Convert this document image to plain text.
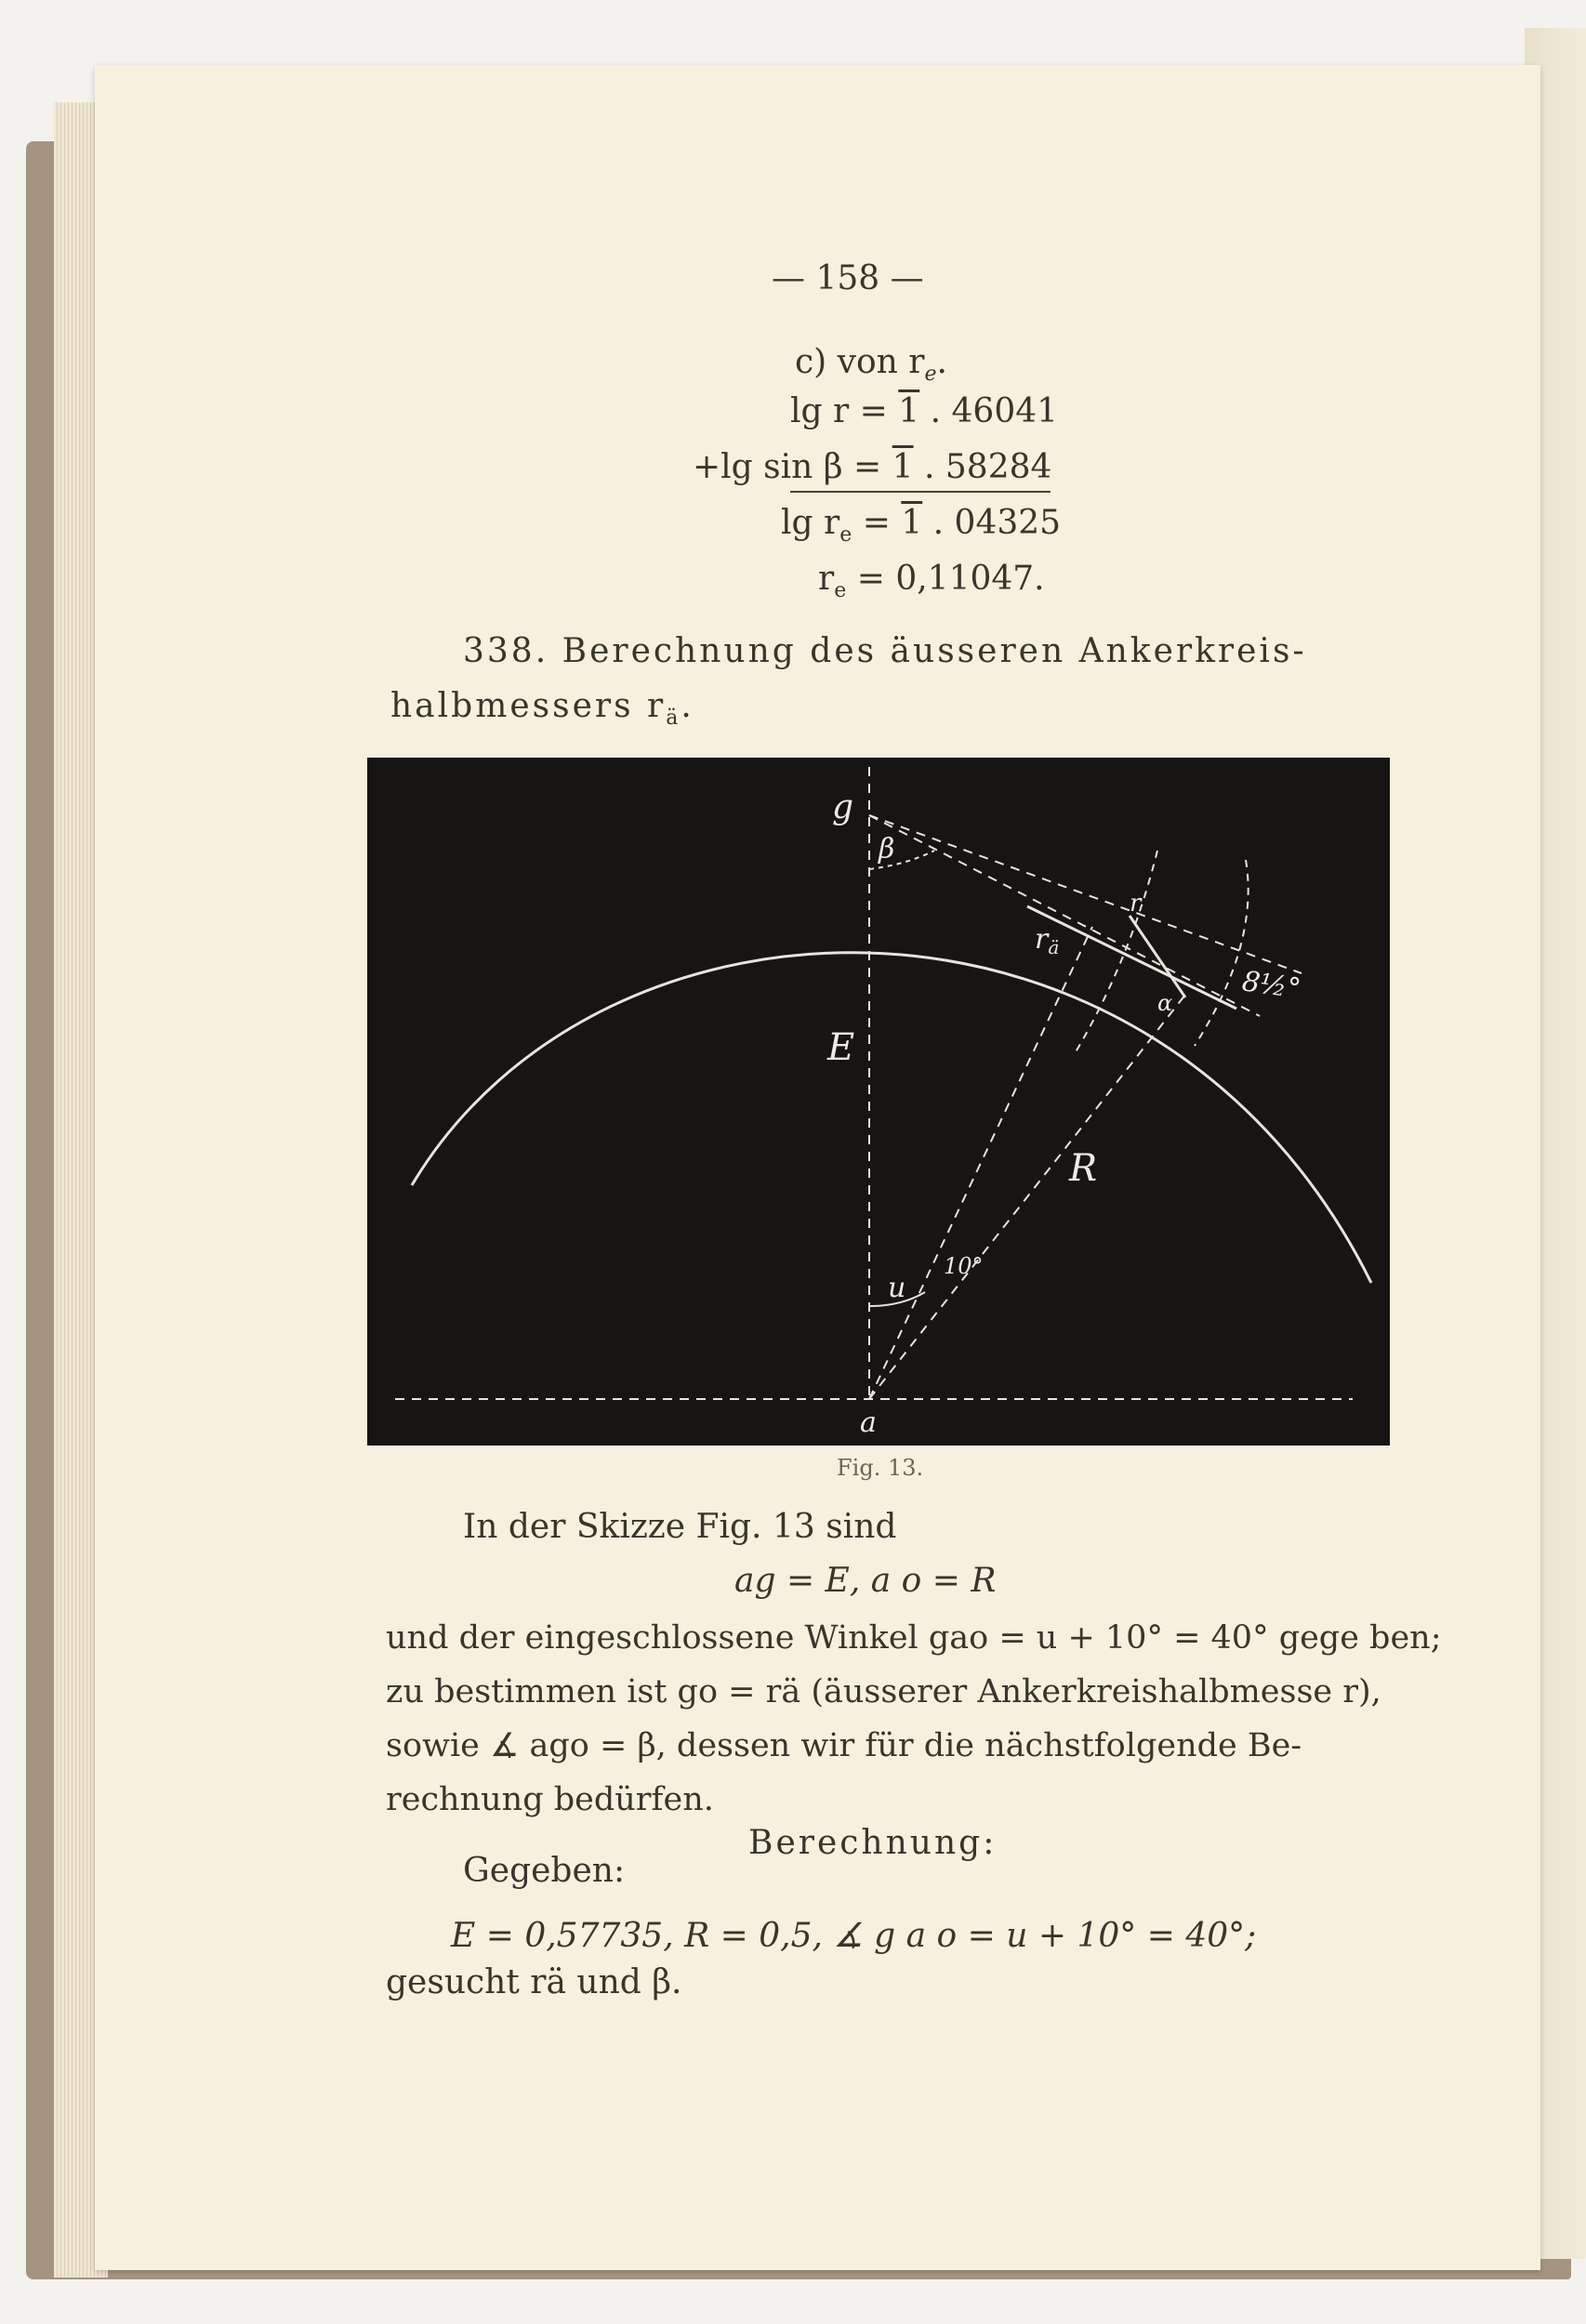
— 158 —
c) von $r_e$.
lg r = 1 . 46041
+lg sin β = 1 . 58284
$\lg r_e = 1$ . 04325
$r_e = 0,11047$.
338. Berechnung des äusseren Ankerkreis-
halbmessers $r_ä$.
g
β
$r_ä$
r
α 8½°
E
R
10°
u
a
Fig. 13.
In der Skizze Fig. 13 sind
ag = E, a o = R
und der eingeschlossene Winkel gao = u + 10° = 40° gege ben;
zu bestimmen ist go = rä (äusserer Ankerkreishalbmesse r),
sowie ∡ ago = β, dessen wir für die nächstfolgende Be-
rechnung bedürfen.
Berechnung:
Gegeben:
E = 0,57735, R = 0,5, ∡ g a o = u + 10° = 40°;
gesucht rä und β.
